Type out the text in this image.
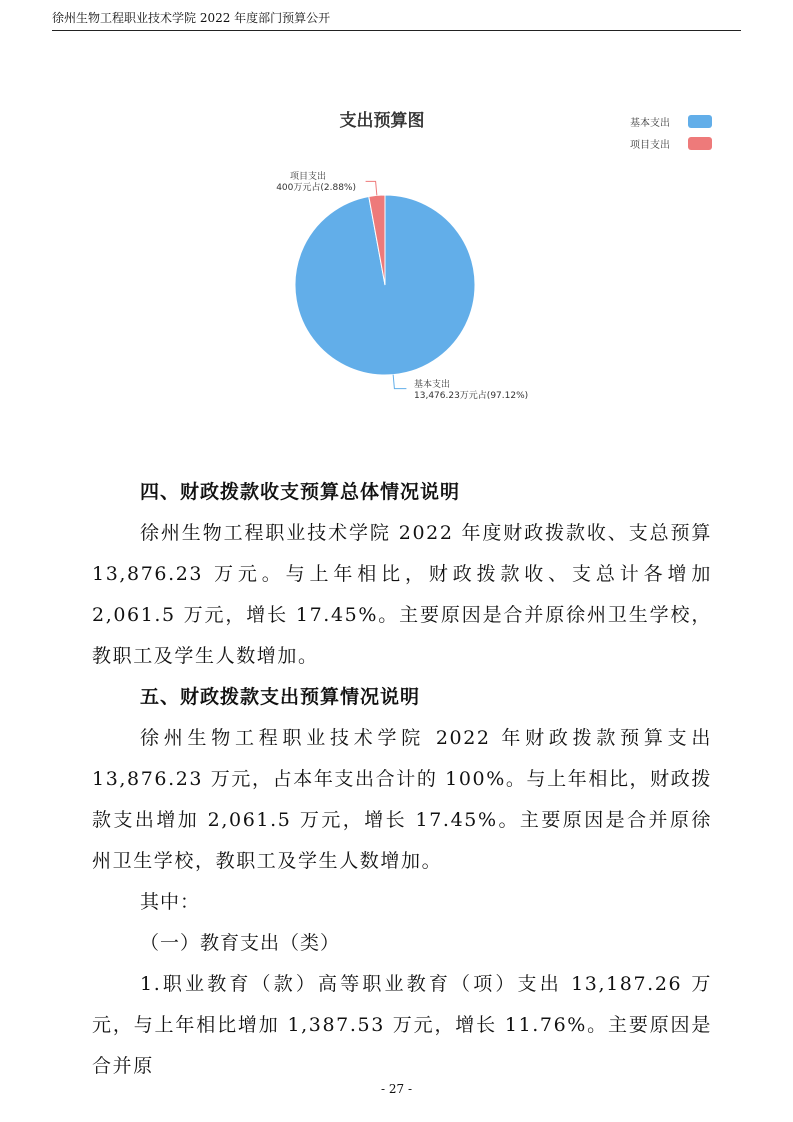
徐州生物工程职业技术学院 2022 年度部门预算公开
支出预算图	基本支出
项目支出
项目支出
400万元占(2.88%)
基本支出
13,476.23万元占(97.12%)
四、财政拨款收支预算总体情况说明

徐州生物工程职业技术学院 2022 年度财政拨款收、支总预算 13,876.23 万元。与上年相比，财政拨款收、支总计各增加 2,061.5 万元，增长 17.45%。主要原因是合并原徐州卫生学校，教职工及学生人数增加。

五、财政拨款支出预算情况说明

徐州生物工程职业技术学院 2022 年财政拨款预算支出 13,876.23 万元，占本年支出合计的 100%。与上年相比，财政拨款支出增加 2,061.5 万元，增长 17.45%。主要原因是合并原徐州卫生学校，教职工及学生人数增加。

其中：
（一）教育支出（类）

1.职业教育（款）高等职业教育（项）支出 13,187.26 万元，与上年相比增加 1,387.53 万元，增长 11.76%。主要原因是合并原

- 27 -
